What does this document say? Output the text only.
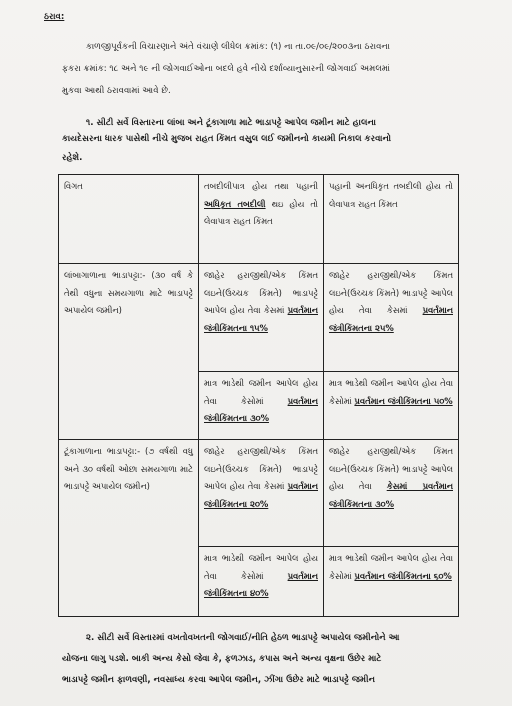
ઠરાવ:
કાળજીપૂર્વકની વિચારણાને અંતે વંચાણે લીધેલ ક્રમાંક: (૧) ના તા.૦૯/૦૯/૨૦૦૩ના ઠરાવના
ફકરા ક્રમાંક: ૧૮ અને ૧૯ ની જોગવાઈઓના બદલે હવે નીચે દર્શાવ્યાનુસારની જોગવાઈ અમલમાં
મુકવા આથી ઠરાવવામાં આવે છે.
૧. સીટી સર્વે વિસ્તારના લાંબા અને ટૂંકાગાળા માટે ભાડાપટ્ટે આપેલ જમીન માટે હાલના
કાયદેસરના ધારક પાસેથી નીચે મુજબ રાહત કિંમત વસુલ લઈ જમીનનો કાયમી નિકાલ કરવાનો
રહેશે.
વિગત	તબદીલીપાત્ર હોય તથા પહાની અધિકૃત તબદીલી થઇ હોય તો લેવાપાત્ર રાહત કિંમત	પહાની અનધિકૃત તબદીલી હોય તો લેવાપાત્ર રાહત કિંમત
લાંબાગાળાના ભાડાપટ્ટા:- (૩૦ વર્ષ કે તેથી વધુના સમયગાળા માટે ભાડાપટ્ટે અપાયેલ જમીન)	જાહેર હરાજીથી/એક કિંમત લઇને(ઉચ્ચક કિંમતે) ભાડાપટ્ટે આપેલ હોય તેવા કેસમાં પ્રવર્તમાન જંત્રીકિંમતના ૧૫%	જાહેર હરાજીથી/એક કિંમત લઇને(ઉચ્ચક કિંમતે) ભાડાપટ્ટે આપેલ હોય તેવા કેસમાં પ્રવર્તમાન જંત્રીકિંમતના ૨૫%
	માત્ર ભાડેથી જમીન આપેલ હોય તેવા કેસોમાં પ્રવર્તમાન જંત્રીકિંમતના ૩૦%	માત્ર ભાડેથી જમીન આપેલ હોય તેવા કેસોમાં પ્રવર્તમાન જંત્રીકિંમતના ૫૦%
ટૂંકાગાળાના ભાડાપટ્ટા:- (૭ વર્ષથી વધુ અને ૩૦ વર્ષથી ઓછા સમયગાળા માટે ભાડાપટ્ટે અપાયેલ જમીન)	જાહેર હરાજીથી/એક કિંમત લઇને(ઉચ્ચક કિંમતે) ભાડાપટ્ટે આપેલ હોય તેવા કેસમાં પ્રવર્તમાન જંત્રીકિંમતના ૨૦%	જાહેર હરાજીથી/એક કિંમત લઇને(ઉચ્ચક કિંમતે) ભાડાપટ્ટે આપેલ હોય તેવા કેસમાં પ્રવર્તમાન જંત્રીકિંમતના ૩૦%
	માત્ર ભાડેથી જમીન આપેલ હોય તેવા કેસોમાં પ્રવર્તમાન જંત્રીકિંમતના ૪૦%	માત્ર ભાડેથી જમીન આપેલ હોય તેવા કેસોમાં પ્રવર્તમાન જંત્રીકિંમતના ૬૦%
૨. સીટી સર્વે વિસ્તારમાં વખતોવખતની જોગવાઈ/નીતિ હેઠળ ભાડાપટ્ટે અપાયેલ જમીનોને આ
યોજના લાગુ પડશે. બાકી અન્ય કેસો જેવા કે, ફળઝાડ, કપાસ અને અન્ય વૃક્ષના ઉછેર માટે
ભાડાપટ્ટે જમીન ફાળવણી, નવસાધ્ય કરવા આપેલ જમીન, ઝીંગા ઉછેર માટે ભાડાપટ્ટે જમીન
